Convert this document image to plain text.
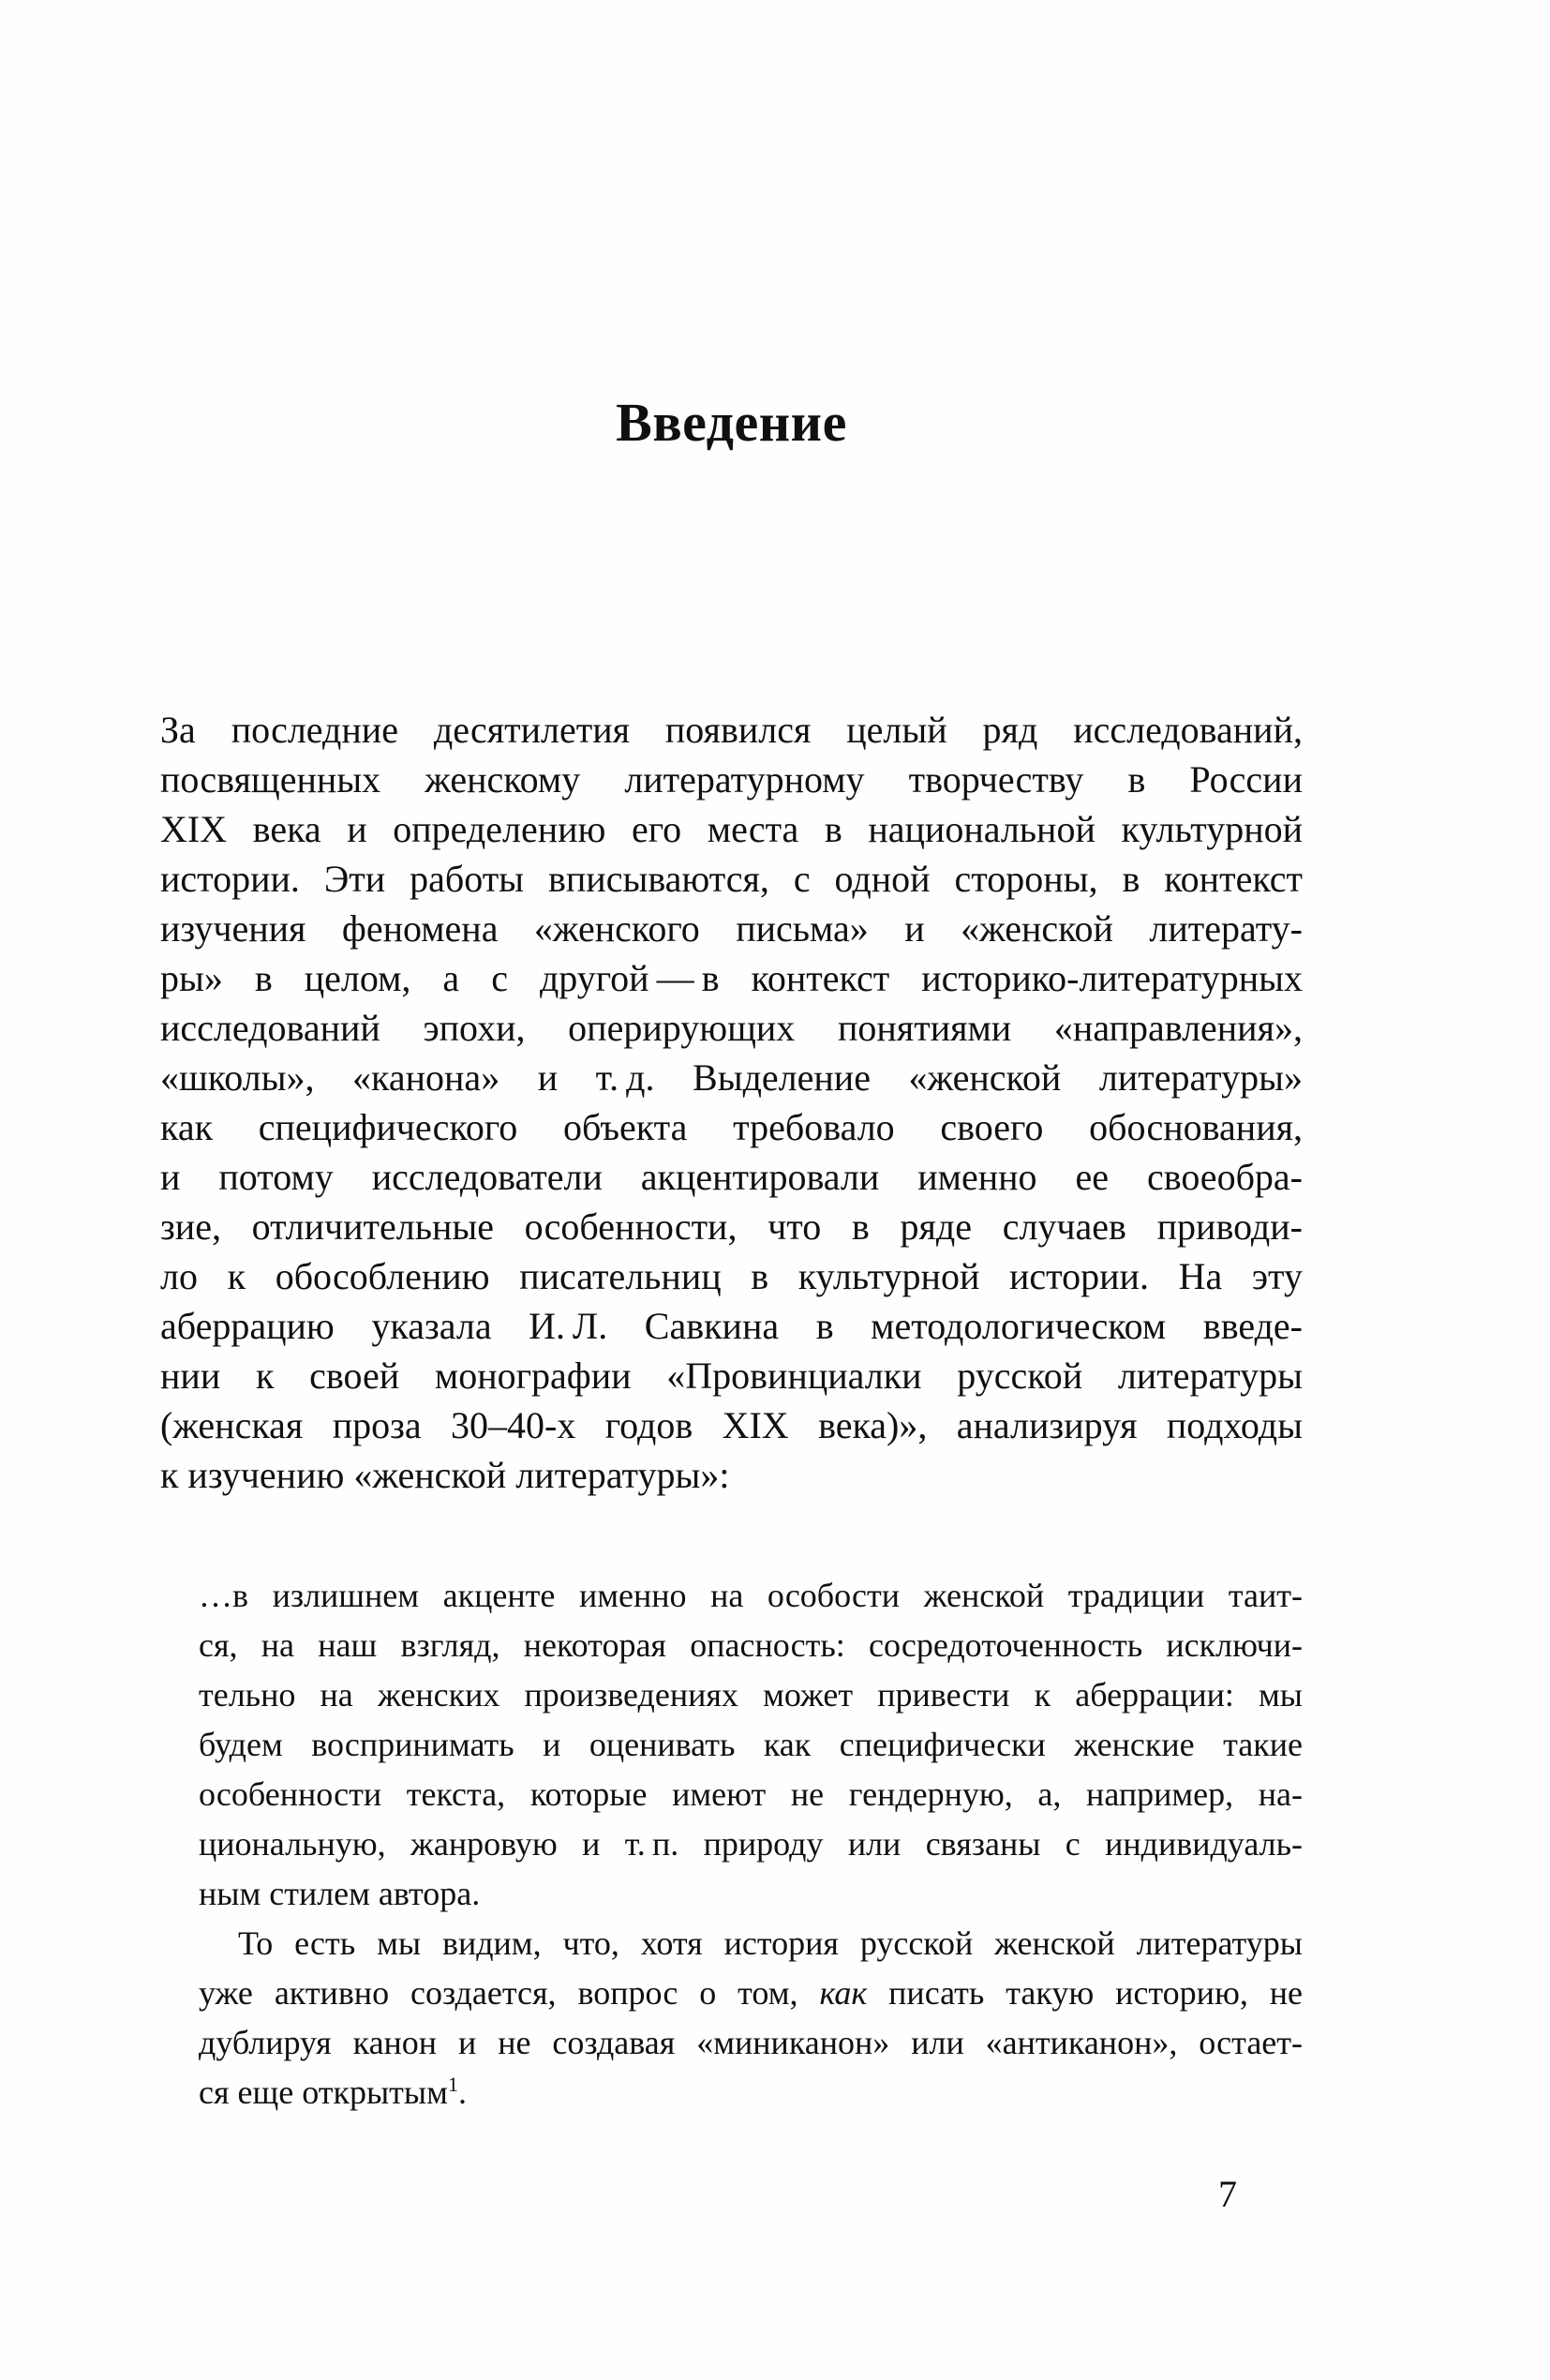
Введение
За последние десятилетия появился целый ряд исследований,
посвященных женскому литературному творчеству в России
XIX века и определению его места в национальной культурной
истории. Эти работы вписываются, с одной стороны, в контекст
изучения феномена «женского письма» и «женской литерату-
ры» в целом, а с другой — в контекст историко-литературных
исследований эпохи, оперирующих понятиями «направления»,
«школы», «канона» и т. д. Выделение «женской литературы»
как специфического объекта требовало своего обоснования,
и потому исследователи акцентировали именно ее своеобра-
зие, отличительные особенности, что в ряде случаев приводи-
ло к обособлению писательниц в культурной истории. На эту
аберрацию указала И. Л. Савкина в методологическом введе-
нии к своей монографии «Провинциалки русской литературы
(женская проза 30–40-х годов XIX века)», анализируя подходы
к изучению «женской литературы»:
…в излишнем акценте именно на особости женской традиции таит-
ся, на наш взгляд, некоторая опасность: сосредоточенность исключи-
тельно на женских произведениях может привести к аберрации: мы
будем воспринимать и оценивать как специфически женские такие
особенности текста, которые имеют не гендерную, а, например, на-
циональную, жанровую и т. п. природу или связаны с индивидуаль-
ным стилем автора.
То есть мы видим, что, хотя история русской женской литературы
уже активно создается, вопрос о том, как писать такую историю, не
дублируя канон и не создавая «миниканон» или «антиканон», остает-
ся еще открытым$^1$.
7
